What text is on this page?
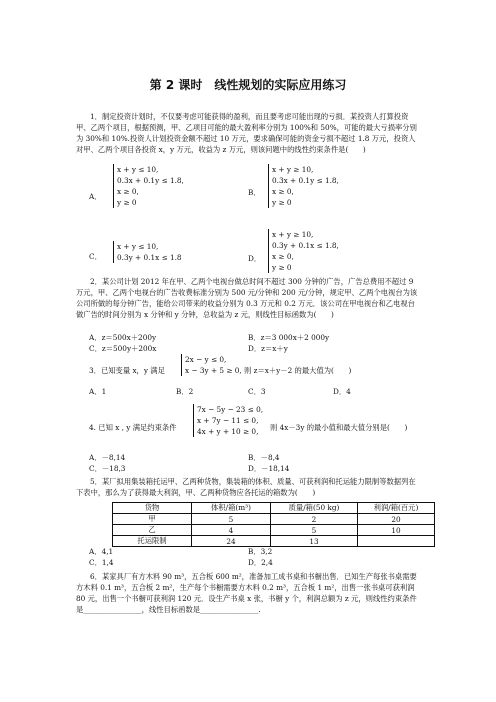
第 2 课时　线性规划的实际应用练习

1．制定投资计划时，不仅要考虑可能获得的盈利，而且要考虑可能出现的亏损．某投资人打算投资甲、乙两个项目，根据预测，甲、乙项目可能的最大盈利率分别为 100%和 50%，可能的最大亏损率分别为 30%和 10%.投资人计划投资金额不超过 10 万元，要求确保可能的资金亏损不超过 1.8 万元，投资人对甲、乙两个项目各投资 x，y 万元，收益为 z 万元，则该问题中的线性约束条件是(　　)

A．
x + y ≤ 10,
0.3x + 0.1y ≤ 1.8,
x ≥ 0,
y ≥ 0
B．
x + y ≥ 10,
0.3x + 0.1y ≤ 1.8,
x ≥ 0,
y ≥ 0
C．
x + y ≤ 10,
0.3y + 0.1x ≤ 1.8	D．
x + y ≥ 10,
0.3y + 0.1x ≤ 1.8,
x ≥ 0,
y ≥ 0

2．某公司计划 2012 年在甲、乙两个电视台做总时间不超过 300 分钟的广告，广告总费用不超过 9 万元，甲、乙两个电视台的广告收费标准分别为 500 元/分钟和 200 元/分钟，规定甲、乙两个电视台为该公司所做的每分钟广告，能给公司带来的收益分别为 0.3 万元和 0.2 万元．该公司在甲电视台和乙电视台做广告的时间分别为 x 分钟和 y 分钟，总收益为 z 元，则线性目标函数为(　　)

A．z＝500x＋200y	B．z＝3 000x＋2 000y
C．z＝500y＋200x	D．z＝x＋y
3．已知变量 x，y 满足
2x − y ≤ 0,
x − 3y + 5 ≥ 0, 则 z＝x＋y－2 的最大值为(　　)
A．1	B．2	C．3	D．4
4. 已知 x , y 满足约束条件
7x − 5y − 23 ≤ 0,
x + 7y − 11 ≤ 0,
4x + y + 10 ≥ 0,	则 4x－3y 的最小值和最大值分别是(　　)
A．－8,14	B．－8,4
C．－18,3	D．－18,14

5．某厂拟用集装箱托运甲、乙两种货物，集装箱的体积、质量、可获利润和托运能力限制等数据列在下表中，那么为了获得最大利润，甲、乙两种货物应各托运的箱数为(　　)

货物	体积/箱(m³)	质量/箱(50 kg)	利润/箱(百元)
甲	5	2	20
乙	4	5	10
托运限制	24	13	
A．4,1	B．3,2
C．1,4	D．2,4

6．某家具厂有方木料 90 m³，五合板 600 m²，准备加工成书桌和书橱出售．已知生产每张书桌需要方木料 0.1 m³，五合板 2 m²，生产每个书橱需要方木料 0.2 m³，五合板 1 m²，出售一张书桌可获利润 80 元，出售一个书橱可获利润 120 元．设生产书桌 x 张，书橱 y 个，利润总额为 z 元，则线性约束条件是________________，线性目标函数是________________.
